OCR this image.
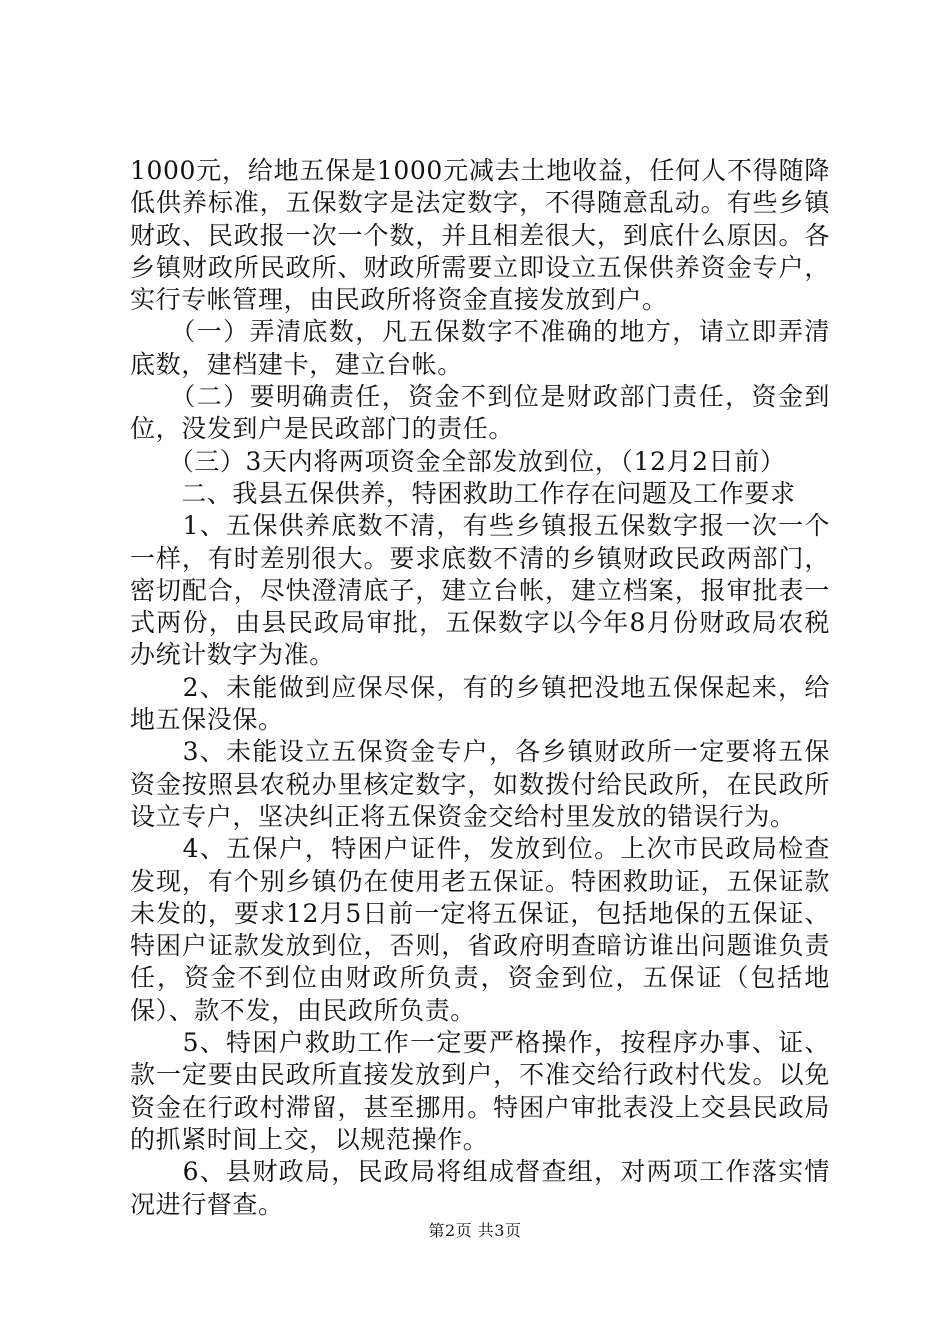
1000元，给地五保是1000元减去土地收益，任何人不得随降低供养标准，五保数字是法定数字，不得随意乱动。有些乡镇财政、民政报一次一个数，并且相差很大，到底什么原因。各乡镇财政所民政所、财政所需要立即设立五保供养资金专户，实行专帐管理，由民政所将资金直接发放到户。

　　（一）弄清底数，凡五保数字不准确的地方，请立即弄清底数，建档建卡，建立台帐。

　　（二）要明确责任，资金不到位是财政部门责任，资金到位，没发到户是民政部门的责任。

　　（三）3天内将两项资金全部发放到位，（12月2日前）

　　二、我县五保供养，特困救助工作存在问题及工作要求

　　1、五保供养底数不清，有些乡镇报五保数字报一次一个一样，有时差别很大。要求底数不清的乡镇财政民政两部门，密切配合，尽快澄清底子，建立台帐，建立档案，报审批表一式两份，由县民政局审批，五保数字以今年8月份财政局农税办统计数字为准。

　　2、未能做到应保尽保，有的乡镇把没地五保保起来，给地五保没保。

　　3、未能设立五保资金专户，各乡镇财政所一定要将五保资金按照县农税办里核定数字，如数拨付给民政所，在民政所设立专户，坚决纠正将五保资金交给村里发放的错误行为。

　　4、五保户，特困户证件，发放到位。上次市民政局检查发现，有个别乡镇仍在使用老五保证。特困救助证，五保证款未发的，要求12月5日前一定将五保证，包括地保的五保证、特困户证款发放到位，否则，省政府明查暗访谁出问题谁负责任，资金不到位由财政所负责，资金到位，五保证（包括地保）、款不发，由民政所负责。

　　5、特困户救助工作一定要严格操作，按程序办事、证、款一定要由民政所直接发放到户，不准交给行政村代发。以免资金在行政村滞留，甚至挪用。特困户审批表没上交县民政局的抓紧时间上交，以规范操作。

　　6、县财政局，民政局将组成督查组，对两项工作落实情况进行督查。

第2页 共3页
